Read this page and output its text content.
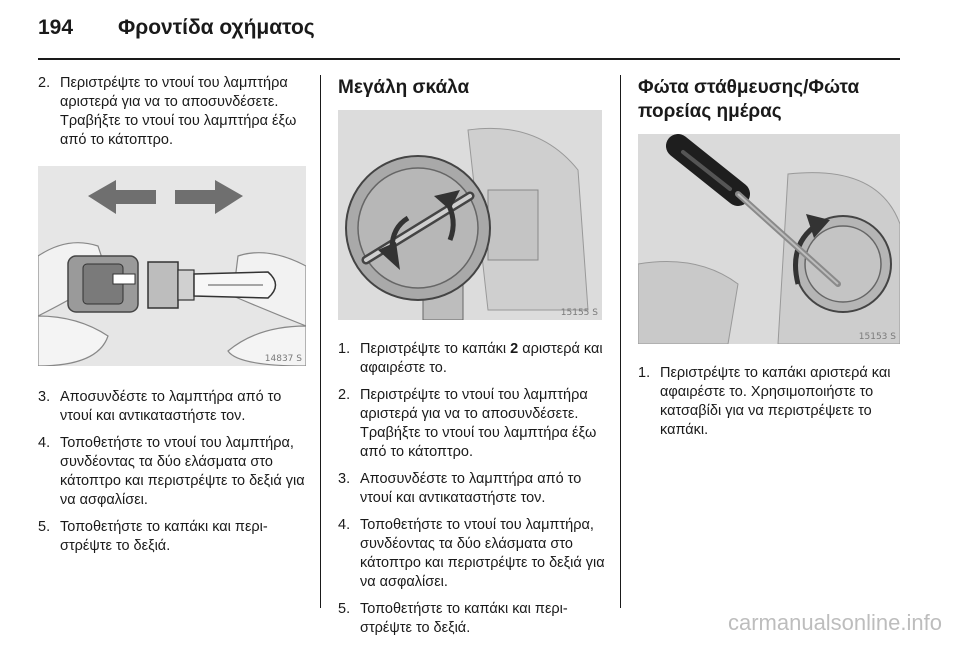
194 Φροντίδα οχήματος
2. Περιστρέψτε το ντουί του λαμπτήρα αριστερά για να το αποσυνδέσετε. Τραβήξτε το ντουί του λαμπτήρα έξω από το κάτοπτρο.
14837 S
3. Αποσυνδέστε το λαμπτήρα από το ντουί και αντικαταστήστε τον.
4. Τοποθετήστε το ντουί του λαμπτήρα, συνδέοντας τα δύο ελάσματα στο κάτοπτρο και περιστρέψτε το δεξιά για να ασφαλίσει.
5. Τοποθετήστε το καπάκι και περιστρέψτε το δεξιά.
Μεγάλη σκάλα
15155 S
1. Περιστρέψτε το καπάκι 2 αριστερά και αφαιρέστε το.
2. Περιστρέψτε το ντουί του λαμπτήρα αριστερά για να το αποσυνδέσετε. Τραβήξτε το ντουί του λαμπτήρα έξω από το κάτοπτρο.
3. Αποσυνδέστε το λαμπτήρα από το ντουί και αντικαταστήστε τον.
4. Τοποθετήστε το ντουί του λαμπτήρα, συνδέοντας τα δύο ελάσματα στο κάτοπτρο και περιστρέψτε το δεξιά για να ασφαλίσει.
5. Τοποθετήστε το καπάκι και περιστρέψτε το δεξιά.
Φώτα στάθμευσης/Φώτα πορείας ημέρας
15153 S
1. Περιστρέψτε το καπάκι αριστερά και αφαιρέστε το. Χρησιμοποιήστε το κατσαβίδι για να περιστρέψετε το καπάκι.
carmanualsonline.info
